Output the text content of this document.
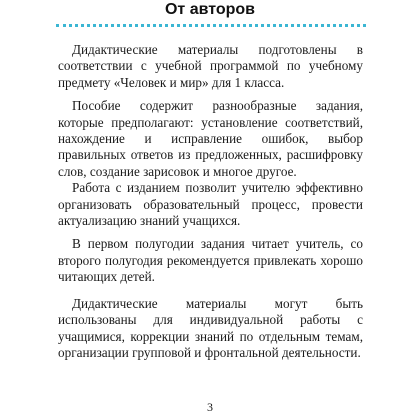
От авторов

Дидактические материалы подготовлены в соответствии с учебной программой по учебному предмету «Человек и мир» для 1 класса.

Пособие содержит разнообразные задания, которые предполагают: установление соответствий, нахождение и исправление ошибок, выбор правильных ответов из предложенных, расшифровку слов, создание зарисовок и многое другое.

Работа с изданием позволит учителю эффективно организовать образовательный процесс, провести актуализацию знаний учащихся.

В первом полугодии задания читает учитель, со второго полугодия рекомендуется привлекать хорошо читающих детей.

Дидактические материалы могут быть использованы для индивидуальной работы с учащимися, коррекции знаний по отдельным темам, организации групповой и фронтальной деятельности.

3
